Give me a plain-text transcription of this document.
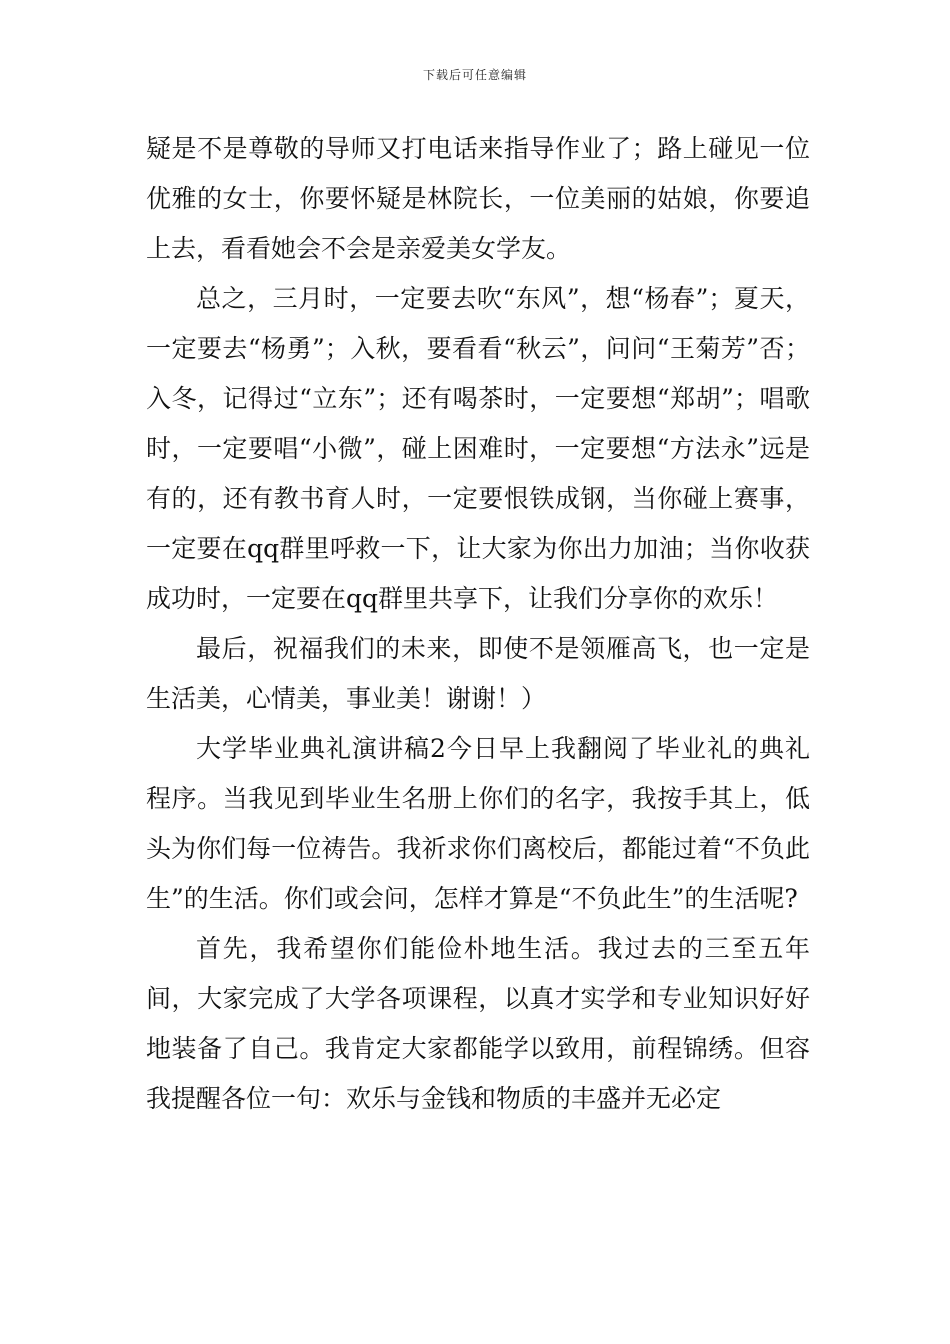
下载后可任意编辑

疑是不是尊敬的导师又打电话来指导作业了；路上碰见一位优雅的女士，你要怀疑是林院长，一位美丽的姑娘，你要追上去，看看她会不会是亲爱美女学友。

总之，三月时，一定要去吹“东风”，想“杨春”；夏天，一定要去“杨勇”；入秋，要看看“秋云”，问问“王菊芳”否；入冬，记得过“立东”；还有喝茶时，一定要想“郑胡”；唱歌时，一定要唱“小微”，碰上困难时，一定要想“方法永”远是有的，还有教书育人时，一定要恨铁成钢，当你碰上赛事，一定要在qq群里呼救一下，让大家为你出力加油；当你收获成功时，一定要在qq群里共享下，让我们分享你的欢乐！

最后，祝福我们的未来，即使不是领雁高飞，也一定是生活美，心情美，事业美！谢谢！）

大学毕业典礼演讲稿2今日早上我翻阅了毕业礼的典礼程序。当我见到毕业生名册上你们的名字，我按手其上，低头为你们每一位祷告。我祈求你们离校后，都能过着“不负此生”的生活。你们或会问，怎样才算是“不负此生”的生活呢?

首先，我希望你们能俭朴地生活。我过去的三至五年间，大家完成了大学各项课程，以真才实学和专业知识好好地装备了自己。我肯定大家都能学以致用，前程锦绣。但容我提醒各位一句：欢乐与金钱和物质的丰盛并无必定
